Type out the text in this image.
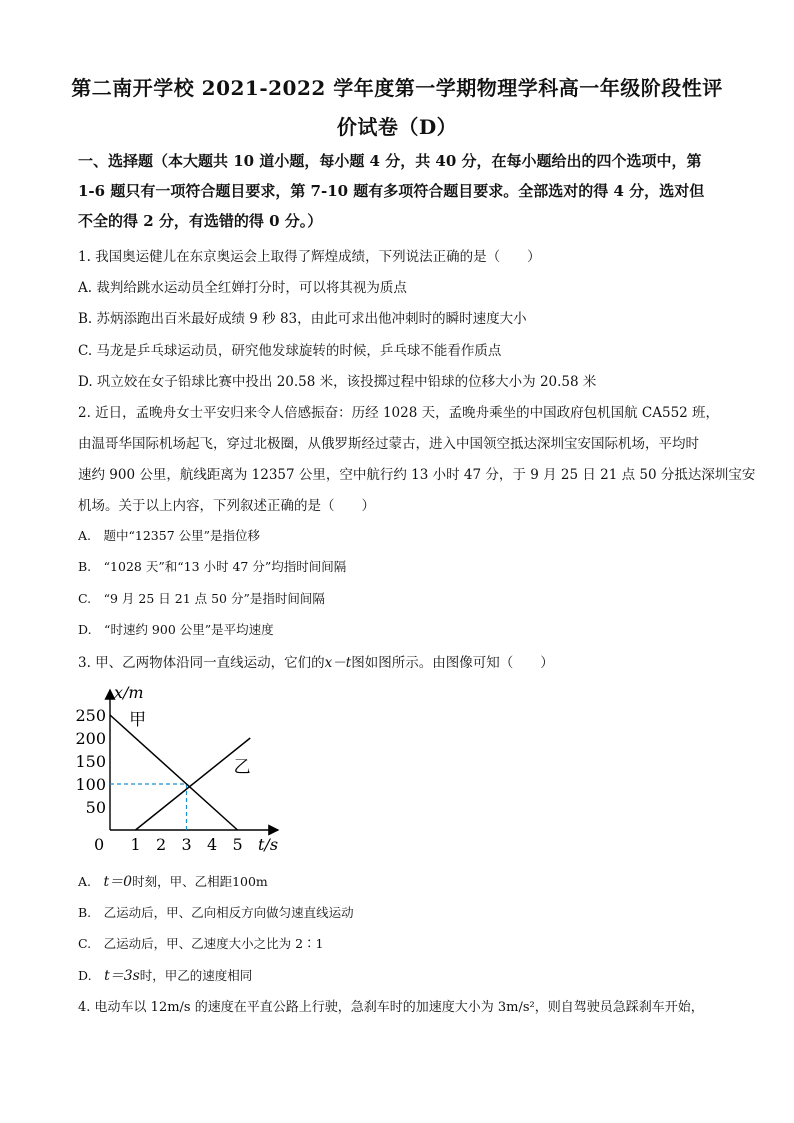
第二南开学校 2021-2022 学年度第一学期物理学科高一年级阶段性评
价试卷（D）
一、选择题（本大题共 10 道小题，每小题 4 分，共 40 分，在每小题给出的四个选项中，第
1-6 题只有一项符合题目要求，第 7-10 题有多项符合题目要求。全部选对的得 4 分，选对但
不全的得 2 分，有选错的得 0 分。）
1. 我国奥运健儿在东京奥运会上取得了辉煌成绩，下列说法正确的是（　　）
A. 裁判给跳水运动员全红婵打分时，可以将其视为质点
B. 苏炳添跑出百米最好成绩 9 秒 83，由此可求出他冲刺时的瞬时速度大小
C. 马龙是乒乓球运动员，研究他发球旋转的时候，乒乓球不能看作质点
D. 巩立姣在女子铅球比赛中投出 20.58 米，该投掷过程中铅球的位移大小为 20.58 米
2. 近日，孟晚舟女士平安归来令人倍感振奋：历经 1028 天，孟晚舟乘坐的中国政府包机国航 CA552 班，
由温哥华国际机场起飞，穿过北极圈，从俄罗斯经过蒙古，进入中国领空抵达深圳宝安国际机场，平均时
速约 900 公里，航线距离为 12357 公里，空中航行约 13 小时 47 分，于 9 月 25 日 21 点 50 分抵达深圳宝安
机场。关于以上内容，下列叙述正确的是（　　）
A.　题中“12357 公里”是指位移
B.　“1028 天”和“13 小时 47 分”均指时间间隔
C.　“9 月 25 日 21 点 50 分”是指时间间隔
D.　“时速约 900 公里”是平均速度
3. 甲、乙两物体沿同一直线运动，它们的x－t图如图所示。由图像可知（　　）
甲
乙
0 1 2 3 4 5
50
100
150
200
250
x/m
t/s
A.　t＝0时刻，甲、乙相距100m
B.　乙运动后，甲、乙向相反方向做匀速直线运动
C.　乙运动后，甲、乙速度大小之比为 2∶1
D.　t＝3s时，甲乙的速度相同
4. 电动车以 12m/s 的速度在平直公路上行驶，急刹车时的加速度大小为 3m/s²，则自驾驶员急踩刹车开始，
